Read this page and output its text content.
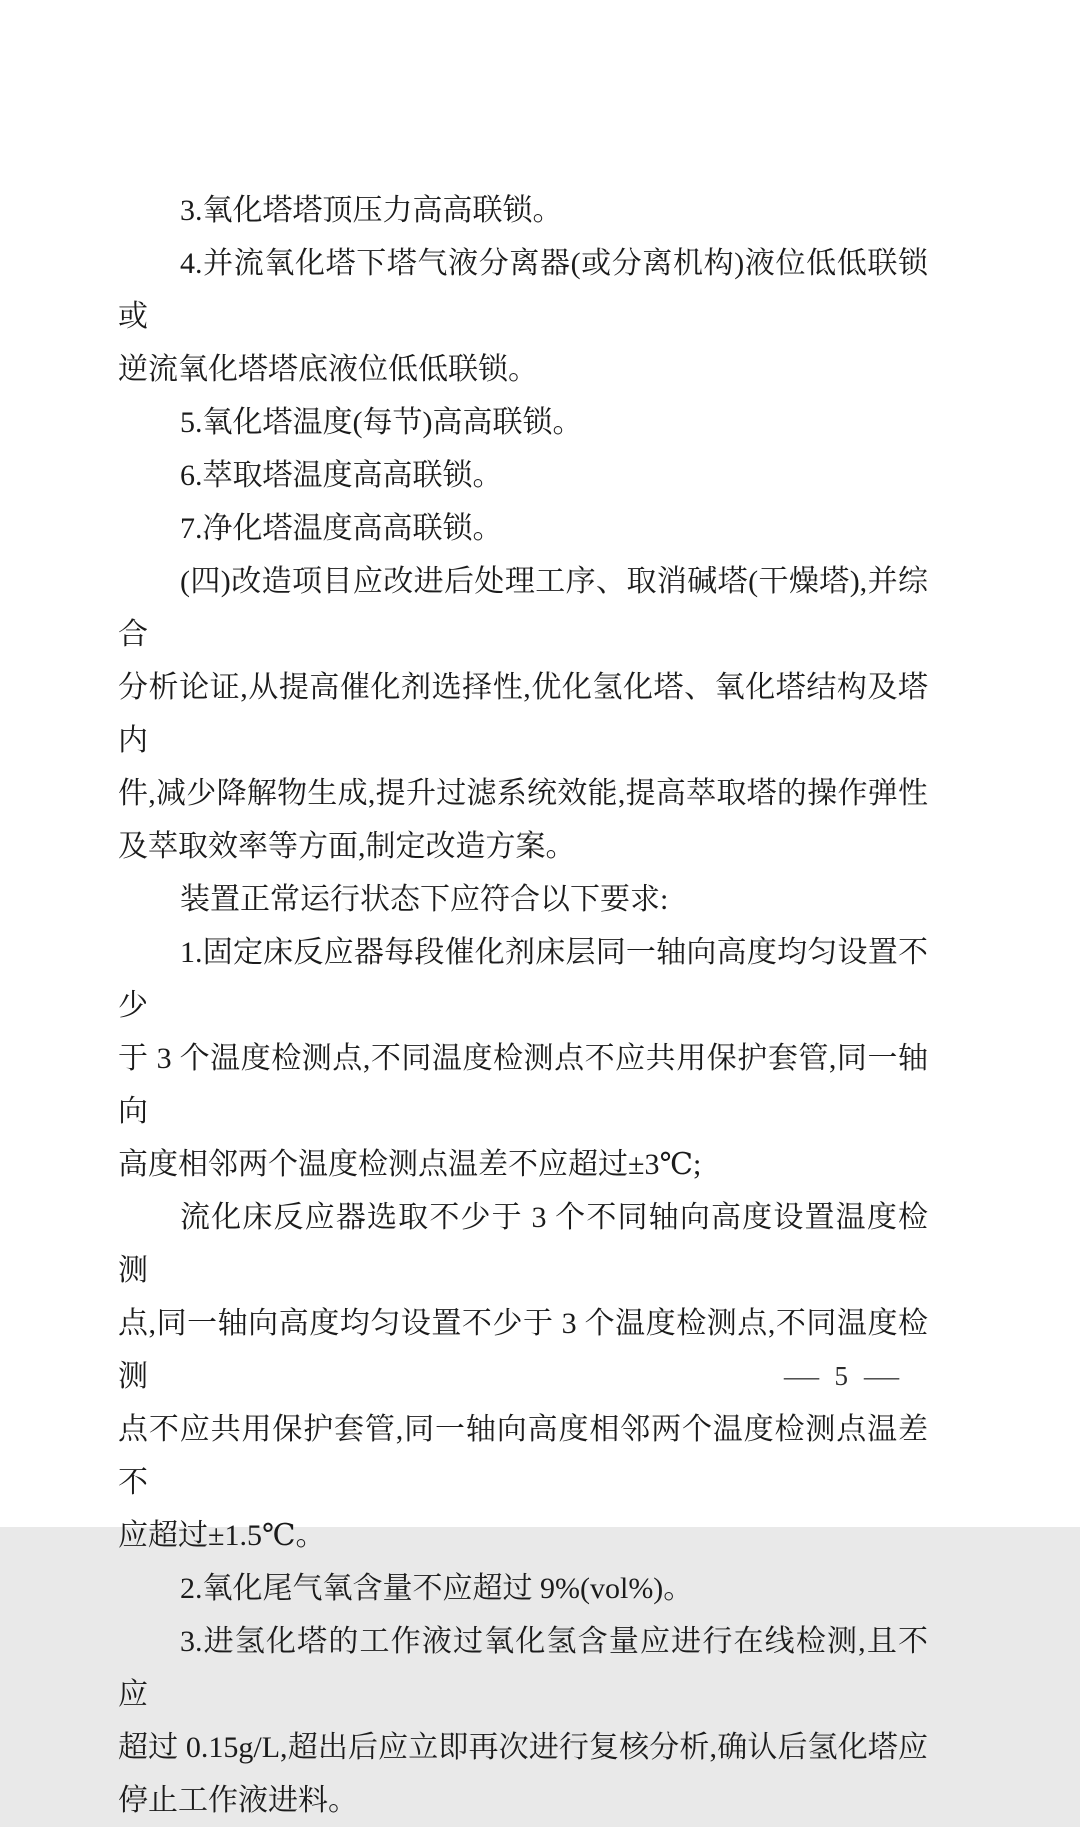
3.氧化塔塔顶压力高高联锁。
4.并流氧化塔下塔气液分离器(或分离机构)液位低低联锁或
逆流氧化塔塔底液位低低联锁。
5.氧化塔温度(每节)高高联锁。
6.萃取塔温度高高联锁。
7.净化塔温度高高联锁。
(四)改造项目应改进后处理工序、取消碱塔(干燥塔),并综合
分析论证,从提高催化剂选择性,优化氢化塔、氧化塔结构及塔内
件,减少降解物生成,提升过滤系统效能,提高萃取塔的操作弹性
及萃取效率等方面,制定改造方案。
装置正常运行状态下应符合以下要求:
1.固定床反应器每段催化剂床层同一轴向高度均匀设置不少
于 3 个温度检测点,不同温度检测点不应共用保护套管,同一轴向
高度相邻两个温度检测点温差不应超过±3℃;
流化床反应器选取不少于 3 个不同轴向高度设置温度检测
点,同一轴向高度均匀设置不少于 3 个温度检测点,不同温度检测
点不应共用保护套管,同一轴向高度相邻两个温度检测点温差不
应超过±1.5℃。
2.氧化尾气氧含量不应超过 9%(vol%)。
3.进氢化塔的工作液过氧化氢含量应进行在线检测,且不应
超过 0.15g/L,超出后应立即再次进行复核分析,确认后氢化塔应
停止工作液进料。
— 5 —
